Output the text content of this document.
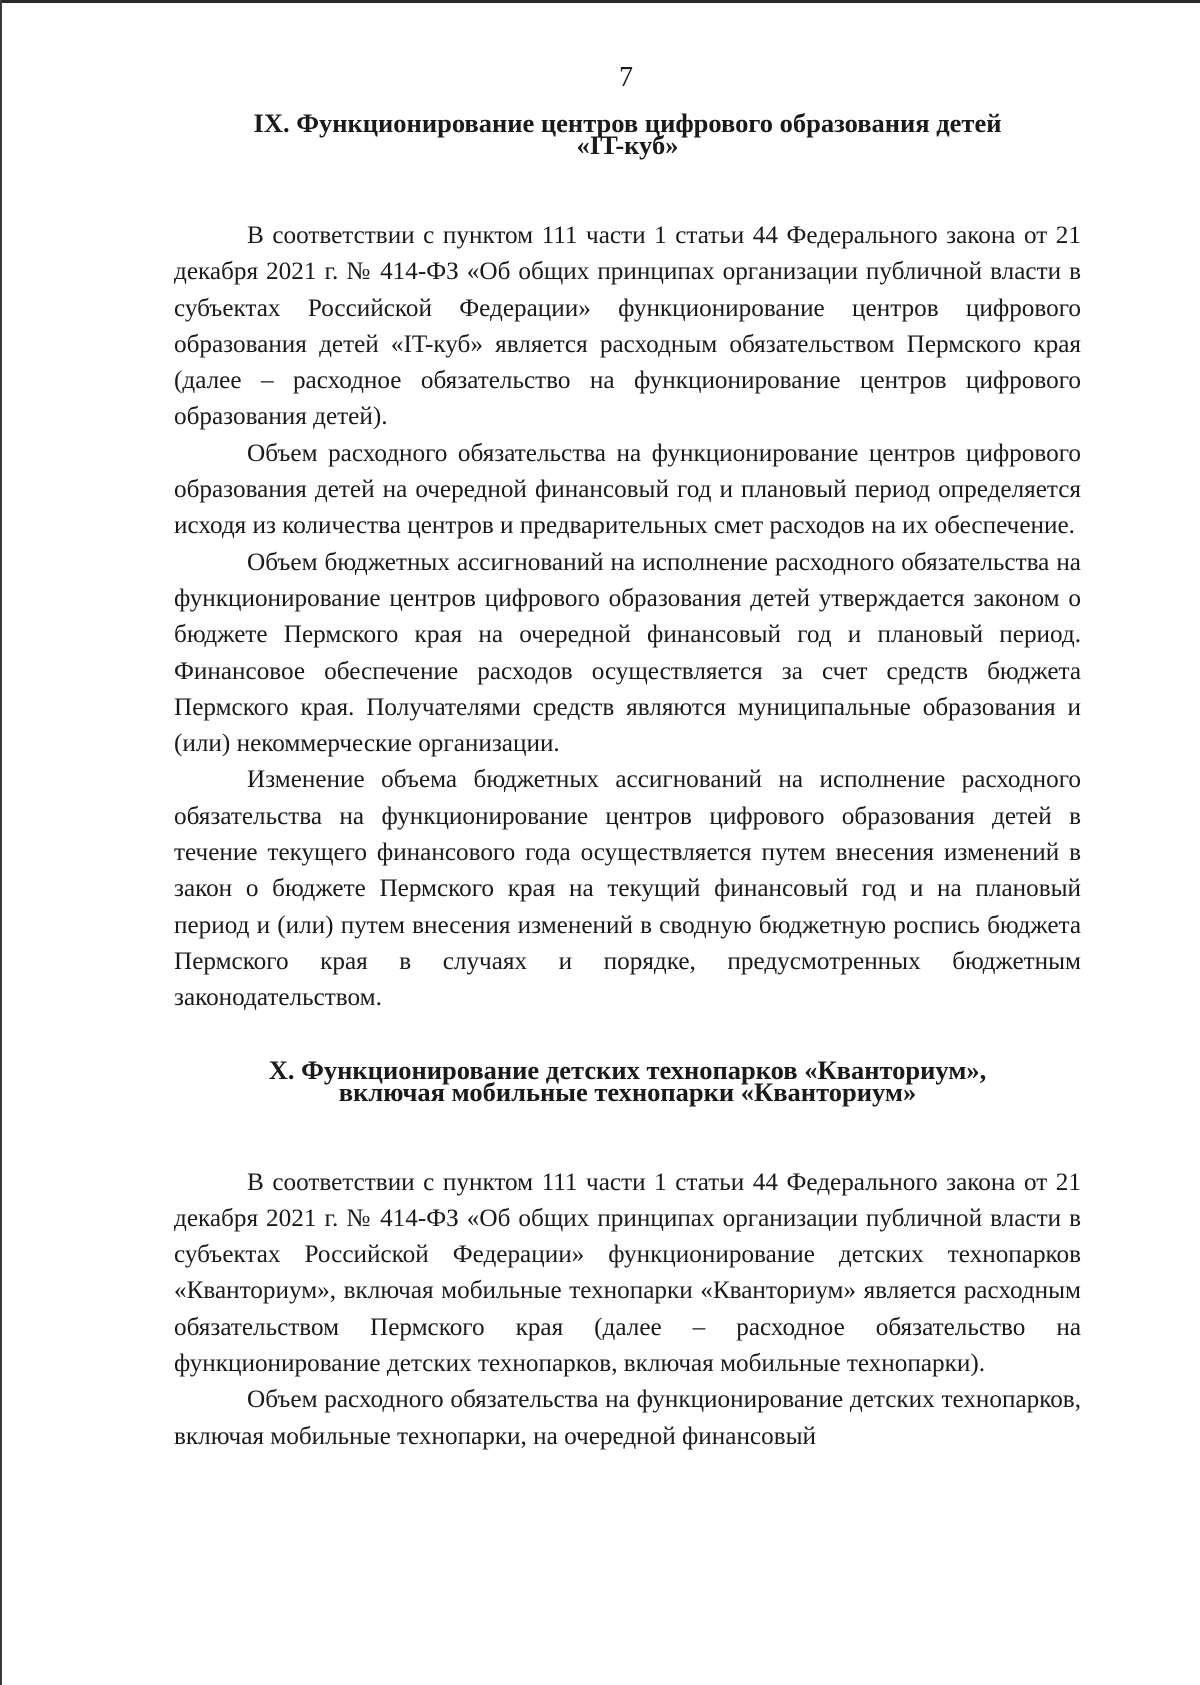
7
IX. Функционирование центров цифрового образования детей
«IT-куб»

В соответствии с пунктом 111 части 1 статьи 44 Федерального закона от 21 декабря 2021 г. № 414-ФЗ «Об общих принципах организации публичной власти в субъектах Российской Федерации» функционирование центров цифрового образования детей «IT-куб» является расходным обязательством Пермского края (далее – расходное обязательство на функционирование центров цифрового образования детей).

Объем расходного обязательства на функционирование центров цифрового образования детей на очередной финансовый год и плановый период определяется исходя из количества центров и предварительных смет расходов на их обеспечение.

Объем бюджетных ассигнований на исполнение расходного обязательства на функционирование центров цифрового образования детей утверждается законом о бюджете Пермского края на очередной финансовый год и плановый период. Финансовое обеспечение расходов осуществляется за счет средств бюджета Пермского края. Получателями средств являются муниципальные образования и (или) некоммерческие организации.

Изменение объема бюджетных ассигнований на исполнение расходного обязательства на функционирование центров цифрового образования детей в течение текущего финансового года осуществляется путем внесения изменений в закон о бюджете Пермского края на текущий финансовый год и на плановый период и (или) путем внесения изменений в сводную бюджетную роспись бюджета Пермского края в случаях и порядке, предусмотренных бюджетным законодательством.

X. Функционирование детских технопарков «Кванториум»,
включая мобильные технопарки «Кванториум»

В соответствии с пунктом 111 части 1 статьи 44 Федерального закона от 21 декабря 2021 г. № 414-ФЗ «Об общих принципах организации публичной власти в субъектах Российской Федерации» функционирование детских технопарков «Кванториум», включая мобильные технопарки «Кванториум» является расходным обязательством Пермского края (далее – расходное обязательство на функционирование детских технопарков, включая мобильные технопарки).

Объем расходного обязательства на функционирование детских технопарков, включая мобильные технопарки, на очередной финансовый
